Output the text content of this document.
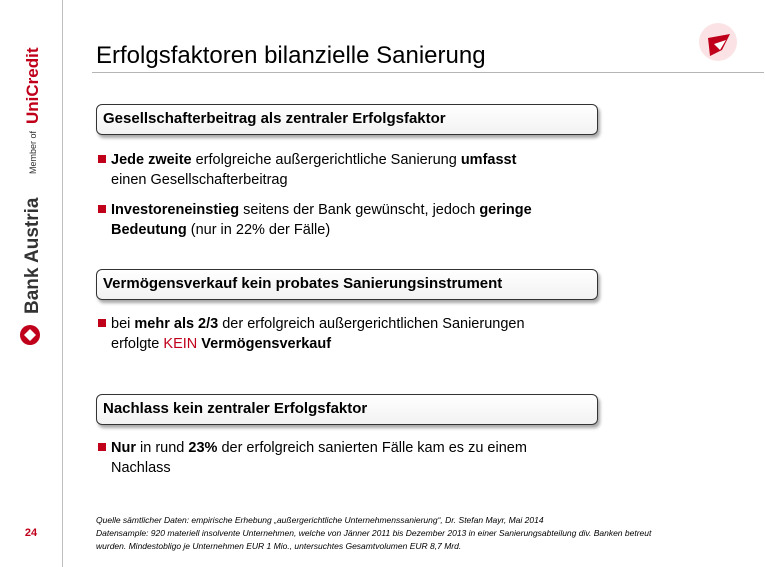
UniCredit
Member of
Bank Austria
24
Erfolgsfaktoren bilanzielle Sanierung
Gesellschafterbeitrag als zentraler Erfolgsfaktor
Jede zweite erfolgreiche außergerichtliche Sanierung umfasst
einen Gesellschafterbeitrag
Investoreneinstieg seitens der Bank gewünscht, jedoch geringe
Bedeutung (nur in 22% der Fälle)
Vermögensverkauf kein probates Sanierungsinstrument
bei mehr als 2/3 der erfolgreich außergerichtlichen Sanierungen
erfolgte KEIN Vermögensverkauf
Nachlass kein zentraler Erfolgsfaktor
Nur in rund 23% der erfolgreich sanierten Fälle kam es zu einem
Nachlass
Quelle sämtlicher Daten: empirische Erhebung „außergerichtliche Unternehmenssanierung“, Dr. Stefan Mayr, Mai 2014
Datensample: 920 materiell insolvente Unternehmen, welche von Jänner 2011 bis Dezember 2013 in einer Sanierungsabteilung div. Banken betreut
wurden. Mindestobligo je Unternehmen EUR 1 Mio., untersuchtes Gesamtvolumen EUR 8,7 Mrd.
